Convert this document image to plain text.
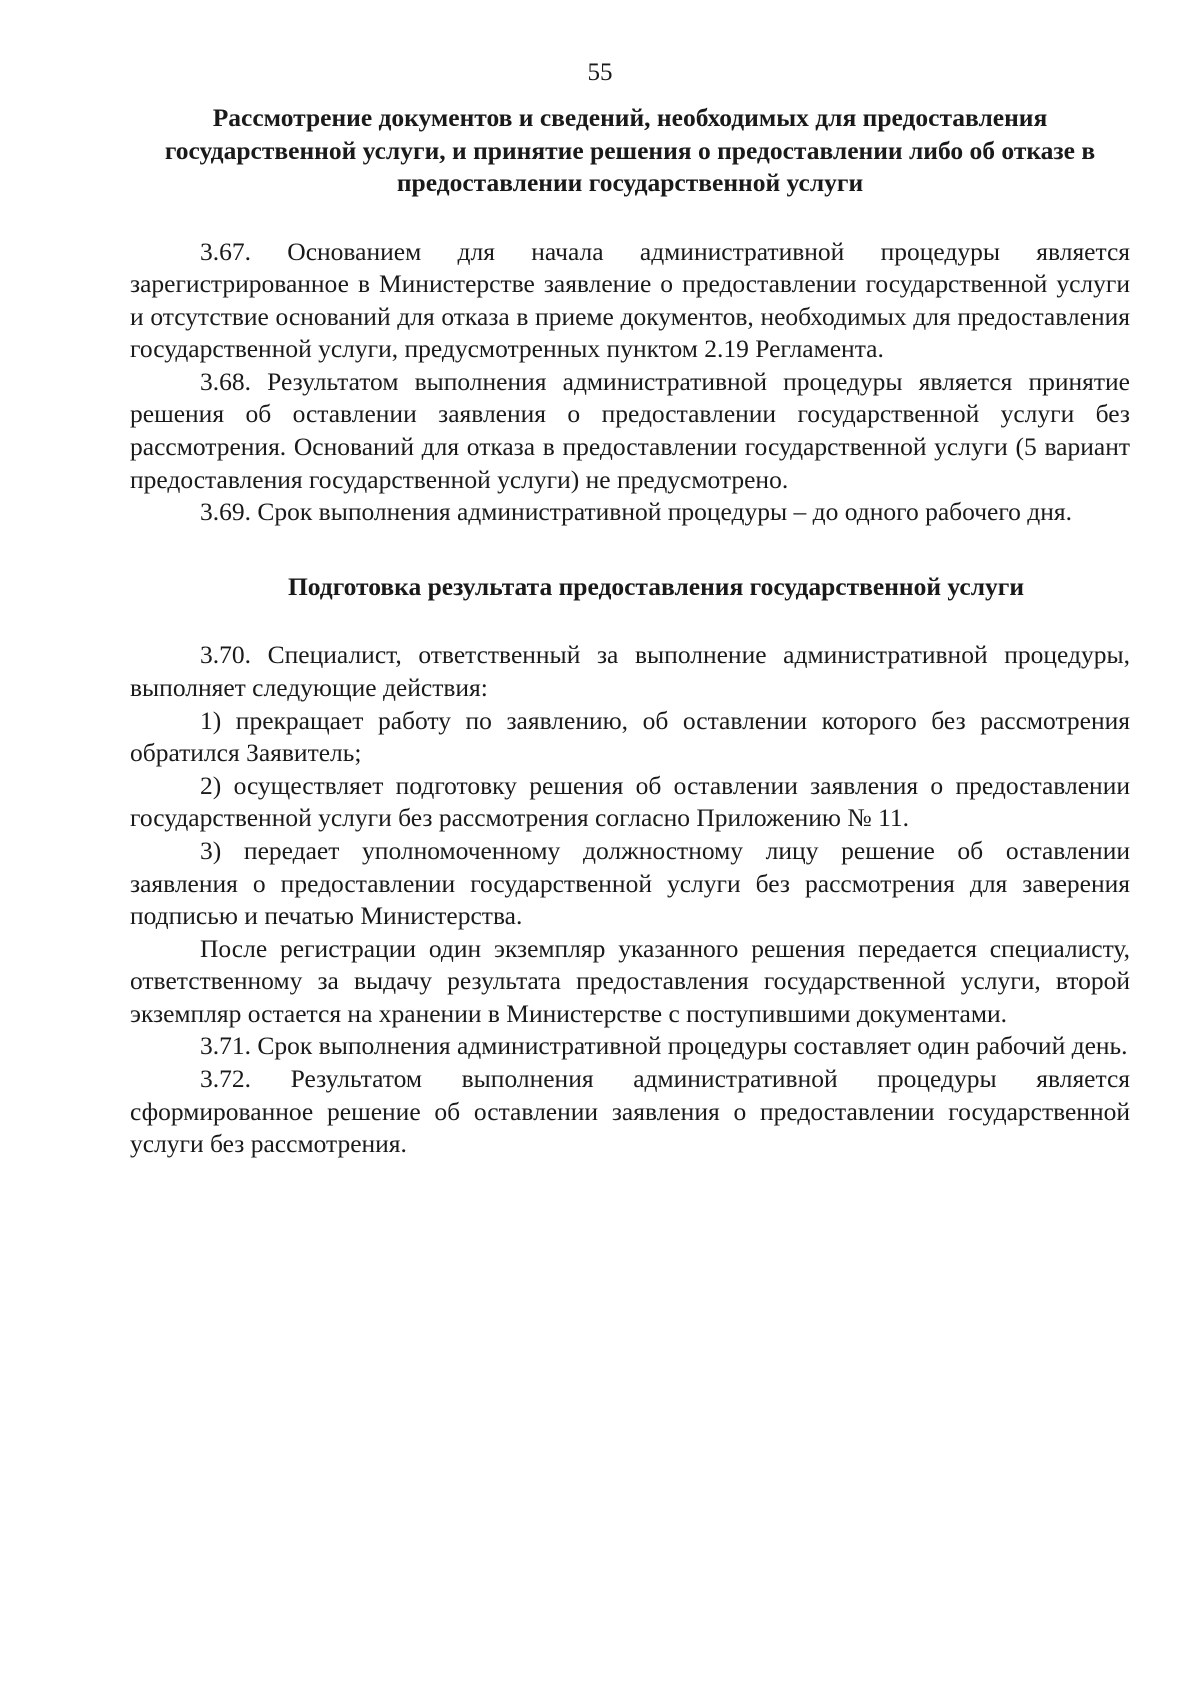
55
Рассмотрение документов и сведений, необходимых для предоставления государственной услуги, и принятие решения о предоставлении либо об отказе в предоставлении государственной услуги

3.67. Основанием для начала административной процедуры является зарегистрированное в Министерстве заявление о предоставлении государственной услуги и отсутствие оснований для отказа в приеме документов, необходимых для предоставления государственной услуги, предусмотренных пунктом 2.19 Регламента.

3.68. Результатом выполнения административной процедуры является принятие решения об оставлении заявления о предоставлении государственной услуги без рассмотрения. Оснований для отказа в предоставлении государственной услуги (5 вариант предоставления государственной услуги) не предусмотрено.

3.69. Срок выполнения административной процедуры – до одного рабочего дня.

Подготовка результата предоставления государственной услуги

3.70. Специалист, ответственный за выполнение административной процедуры, выполняет следующие действия:

1) прекращает работу по заявлению, об оставлении которого без рассмотрения обратился Заявитель;

2) осуществляет подготовку решения об оставлении заявления о предоставлении государственной услуги без рассмотрения согласно Приложению № 11.

3) передает уполномоченному должностному лицу решение об оставлении заявления о предоставлении государственной услуги без рассмотрения для заверения подписью и печатью Министерства.

После регистрации один экземпляр указанного решения передается специалисту, ответственному за выдачу результата предоставления государственной услуги, второй экземпляр остается на хранении в Министерстве с поступившими документами.

3.71. Срок выполнения административной процедуры составляет один рабочий день.

3.72. Результатом выполнения административной процедуры является сформированное решение об оставлении заявления о предоставлении государственной услуги без рассмотрения.
